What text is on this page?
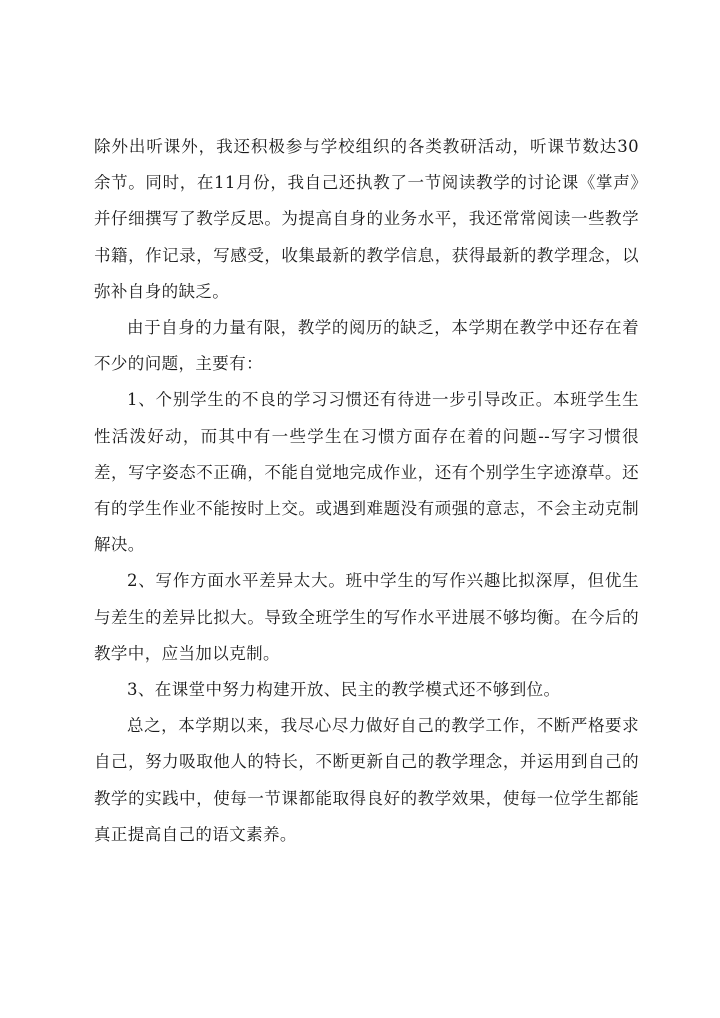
除外出听课外，我还积极参与学校组织的各类教研活动，听课节数达30余节。同时，在11月份，我自己还执教了一节阅读教学的讨论课《掌声》并仔细撰写了教学反思。为提高自身的业务水平，我还常常阅读一些教学书籍，作记录，写感受，收集最新的教学信息，获得最新的教学理念，以弥补自身的缺乏。

由于自身的力量有限，教学的阅历的缺乏，本学期在教学中还存在着不少的问题，主要有：

1、个别学生的不良的学习习惯还有待进一步引导改正。本班学生生性活泼好动，而其中有一些学生在习惯方面存在着的问题--写字习惯很差，写字姿态不正确，不能自觉地完成作业，还有个别学生字迹潦草。还有的学生作业不能按时上交。或遇到难题没有顽强的意志，不会主动克制解决。

2、写作方面水平差异太大。班中学生的写作兴趣比拟深厚，但优生与差生的差异比拟大。导致全班学生的写作水平进展不够均衡。在今后的教学中，应当加以克制。

3、在课堂中努力构建开放、民主的教学模式还不够到位。

总之，本学期以来，我尽心尽力做好自己的教学工作，不断严格要求自己，努力吸取他人的特长，不断更新自己的教学理念，并运用到自己的教学的实践中，使每一节课都能取得良好的教学效果，使每一位学生都能真正提高自己的语文素养。
